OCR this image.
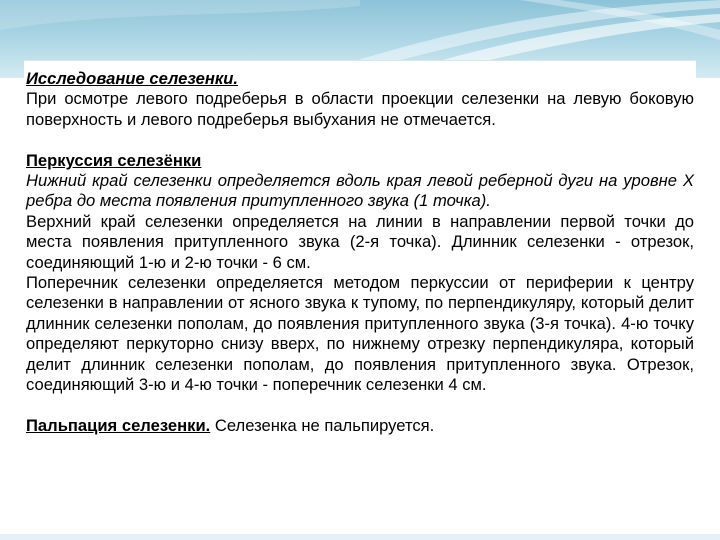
Исследование селезенки.

При осмотре левого подреберья в области проекции селезенки на левую боковую поверхность и левого подреберья выбухания не отмечается.

Перкуссия селезёнки

Нижний край селезенки определяется вдоль края левой реберной дуги на уровне Х ребра до места появления притупленного звука (1 точка).

Верхний край селезенки определяется на линии в направлении первой точки до места появления притупленного звука (2-я точка). Длинник селезенки - отрезок, соединяющий 1-ю и 2-ю точки - 6 см.

Поперечник селезенки определяется методом перкуссии от периферии к центру селезенки в направлении от ясного звука к тупому, по перпендикуляру, который делит длинник селезенки пополам, до появления притупленного звука (3-я точка). 4-ю точку определяют перкуторно снизу вверх, по нижнему отрезку перпендикуляра, который делит длинник селезенки пополам, до появления притупленного звука. Отрезок, соединяющий 3-ю и 4-ю точки - поперечник селезенки 4 см.

Пальпация селезенки. Селезенка не пальпируется.
